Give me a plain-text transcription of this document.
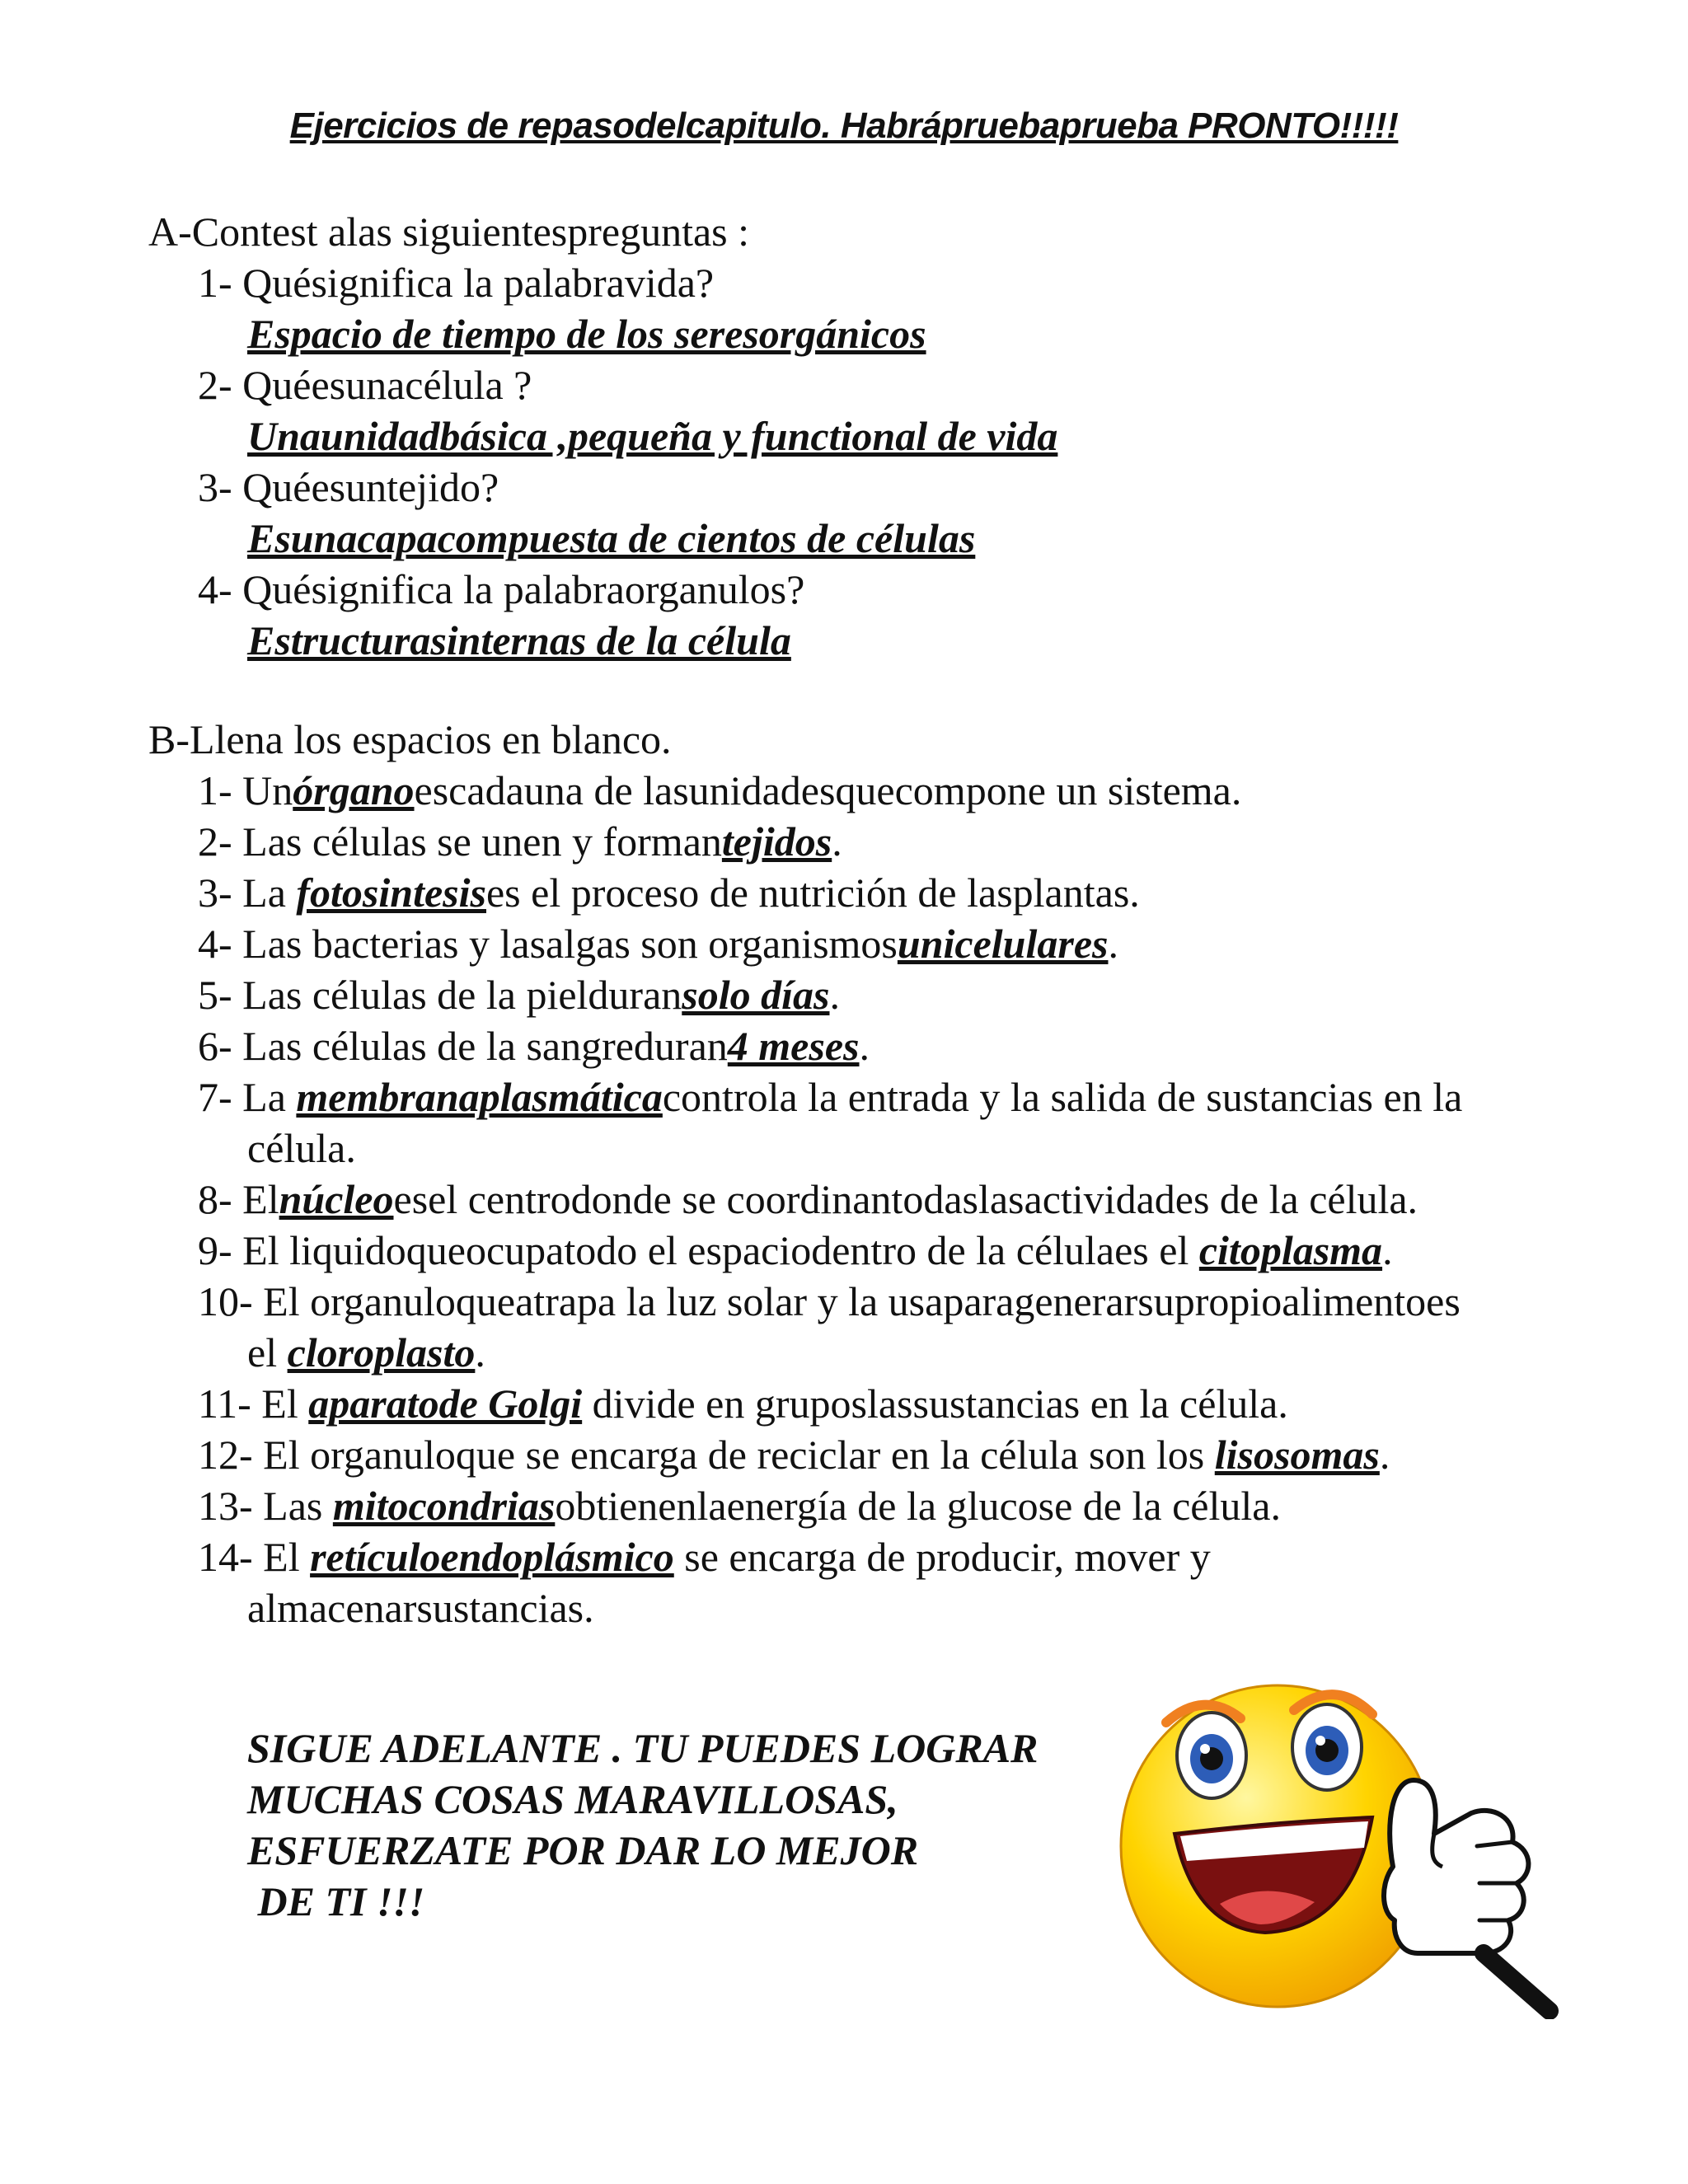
Ejercicios de repasodelcapitulo. Habrápruebaprueba PRONTO!!!!!
A-Contest alas siguientespreguntas :
1- Quésignifica la palabravida?
Espacio de tiempo de los seresorgánicos
2- Quéesunacélula ?
Unaunidadbásica ,pequeña y functional de vida
3- Quéesuntejido?
Esunacapacompuesta de cientos de células
4- Quésignifica la palabraorganulos?
Estructurasinternas de la célula
B-Llena los espacios en blanco.
1- Unórganoescadauna de lasunidadesquecompone un sistema.
2- Las células se unen y formantejidos.
3- La fotosintesises el proceso de nutrición de lasplantas.
4- Las bacterias y lasalgas son organismosunicelulares.
5- Las células de la pielduransolo días.
6- Las células de la sangreduran4 meses.
7- La membranaplasmáticacontrola la entrada y la salida de sustancias en la
célula.
8- Elnúcleoesel centrodonde se coordinantodaslasactividades de la célula.
9- El liquidoqueocupatodo el espaciodentro de la célulaes el citoplasma.
10- El organuloqueatrapa la luz solar y la usaparagenerarsupropioalimentoes
el cloroplasto.
11- El aparatode Golgi divide en gruposlassustancias en la célula.
12- El organuloque se encarga de reciclar en la célula son los lisosomas.
13- Las mitocondriasobtienenlaenergía de la glucose de la célula.
14- El retículoendoplásmico se encarga de producir, mover y
almacenarsustancias.
SIGUE ADELANTE . TU PUEDES LOGRAR
MUCHAS COSAS MARAVILLOSAS,
ESFUERZATE POR DAR LO MEJOR
DE TI !!!
